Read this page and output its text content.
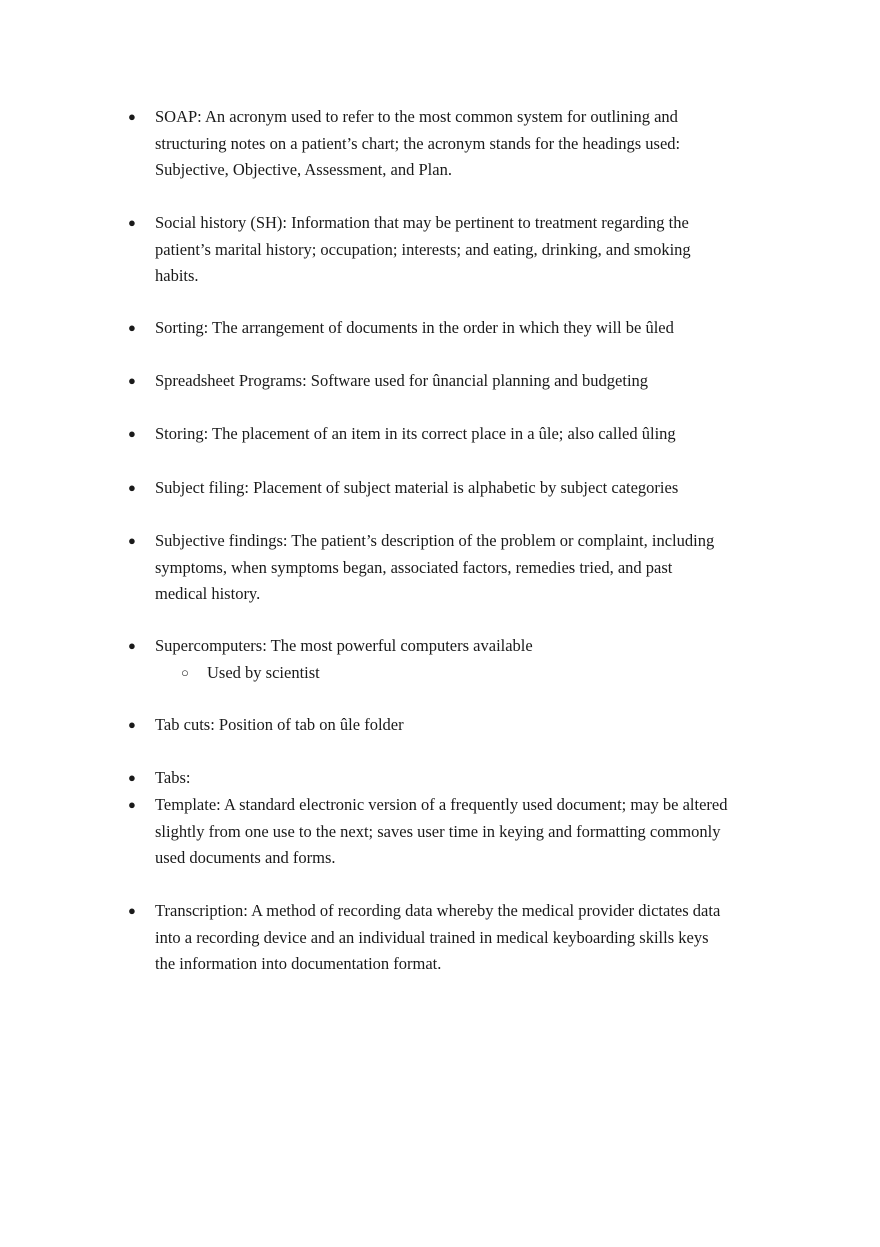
●	SOAP: An acronym used to refer to the most common system for outlining and structuring notes on a patient’s chart; the acronym stands for the headings used: Subjective, Objective, Assessment, and Plan.
●	Social history (SH): Information that may be pertinent to treatment regarding the patient’s marital history; occupation; interests; and eating, drinking, and smoking habits.
●	Sorting: The arrangement of documents in the order in which they will be ûled
●	Spreadsheet Programs: Software used for ûnancial planning and budgeting
●	Storing: The placement of an item in its correct place in a ûle; also called ûling
●	Subject filing: Placement of subject material is alphabetic by subject categories
●	Subjective findings: The patient’s description of the problem or complaint, including symptoms, when symptoms began, associated factors, remedies tried, and past medical history.
●	Supercomputers: The most powerful computers available
○ Used by scientist
●	Tab cuts: Position of tab on ûle folder
●	Tabs:
●	Template: A standard electronic version of a frequently used document; may be altered slightly from one use to the next; saves user time in keying and formatting commonly used documents and forms.
●	Transcription: A method of recording data whereby the medical provider dictates data into a recording device and an individual trained in medical keyboarding skills keys the information into documentation format.
